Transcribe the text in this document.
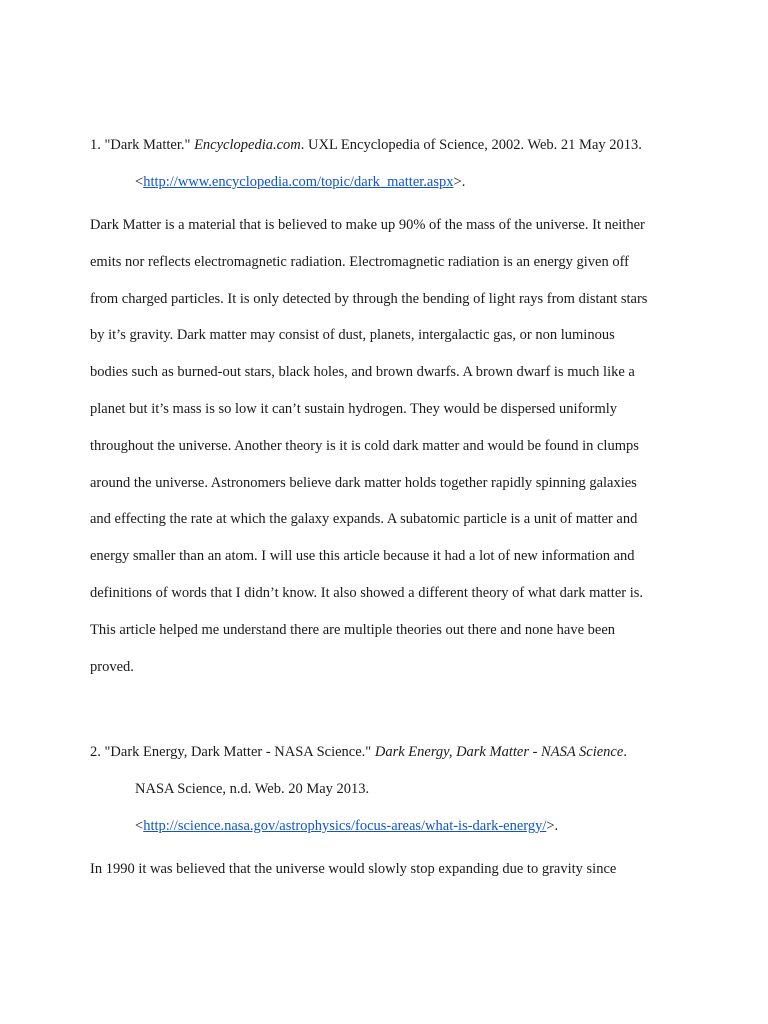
1. "Dark Matter." Encyclopedia.com. UXL Encyclopedia of Science, 2002. Web. 21 May 2013.
<http://www.encyclopedia.com/topic/dark_matter.aspx>.
Dark Matter is a material that is believed to make up 90% of the mass of the universe. It neither
emits nor reflects electromagnetic radiation. Electromagnetic radiation is an energy given off
from charged particles. It is only detected by through the bending of light rays from distant stars
by it’s gravity. Dark matter may consist of dust, planets, intergalactic gas, or non luminous
bodies such as burned-out stars, black holes, and brown dwarfs. A brown dwarf is much like a
planet but it’s mass is so low it can’t sustain hydrogen. They would be dispersed uniformly
throughout the universe. Another theory is it is cold dark matter and would be found in clumps
around the universe. Astronomers believe dark matter holds together rapidly spinning galaxies
and effecting the rate at which the galaxy expands. A subatomic particle is a unit of matter and
energy smaller than an atom. I will use this article because it had a lot of new information and
definitions of words that I didn’t know. It also showed a different theory of what dark matter is.
This article helped me understand there are multiple theories out there and none have been
proved.
2. "Dark Energy, Dark Matter - NASA Science." Dark Energy, Dark Matter - NASA Science.
NASA Science, n.d. Web. 20 May 2013.
<http://science.nasa.gov/astrophysics/focus-areas/what-is-dark-energy/>.
In 1990 it was believed that the universe would slowly stop expanding due to gravity since
